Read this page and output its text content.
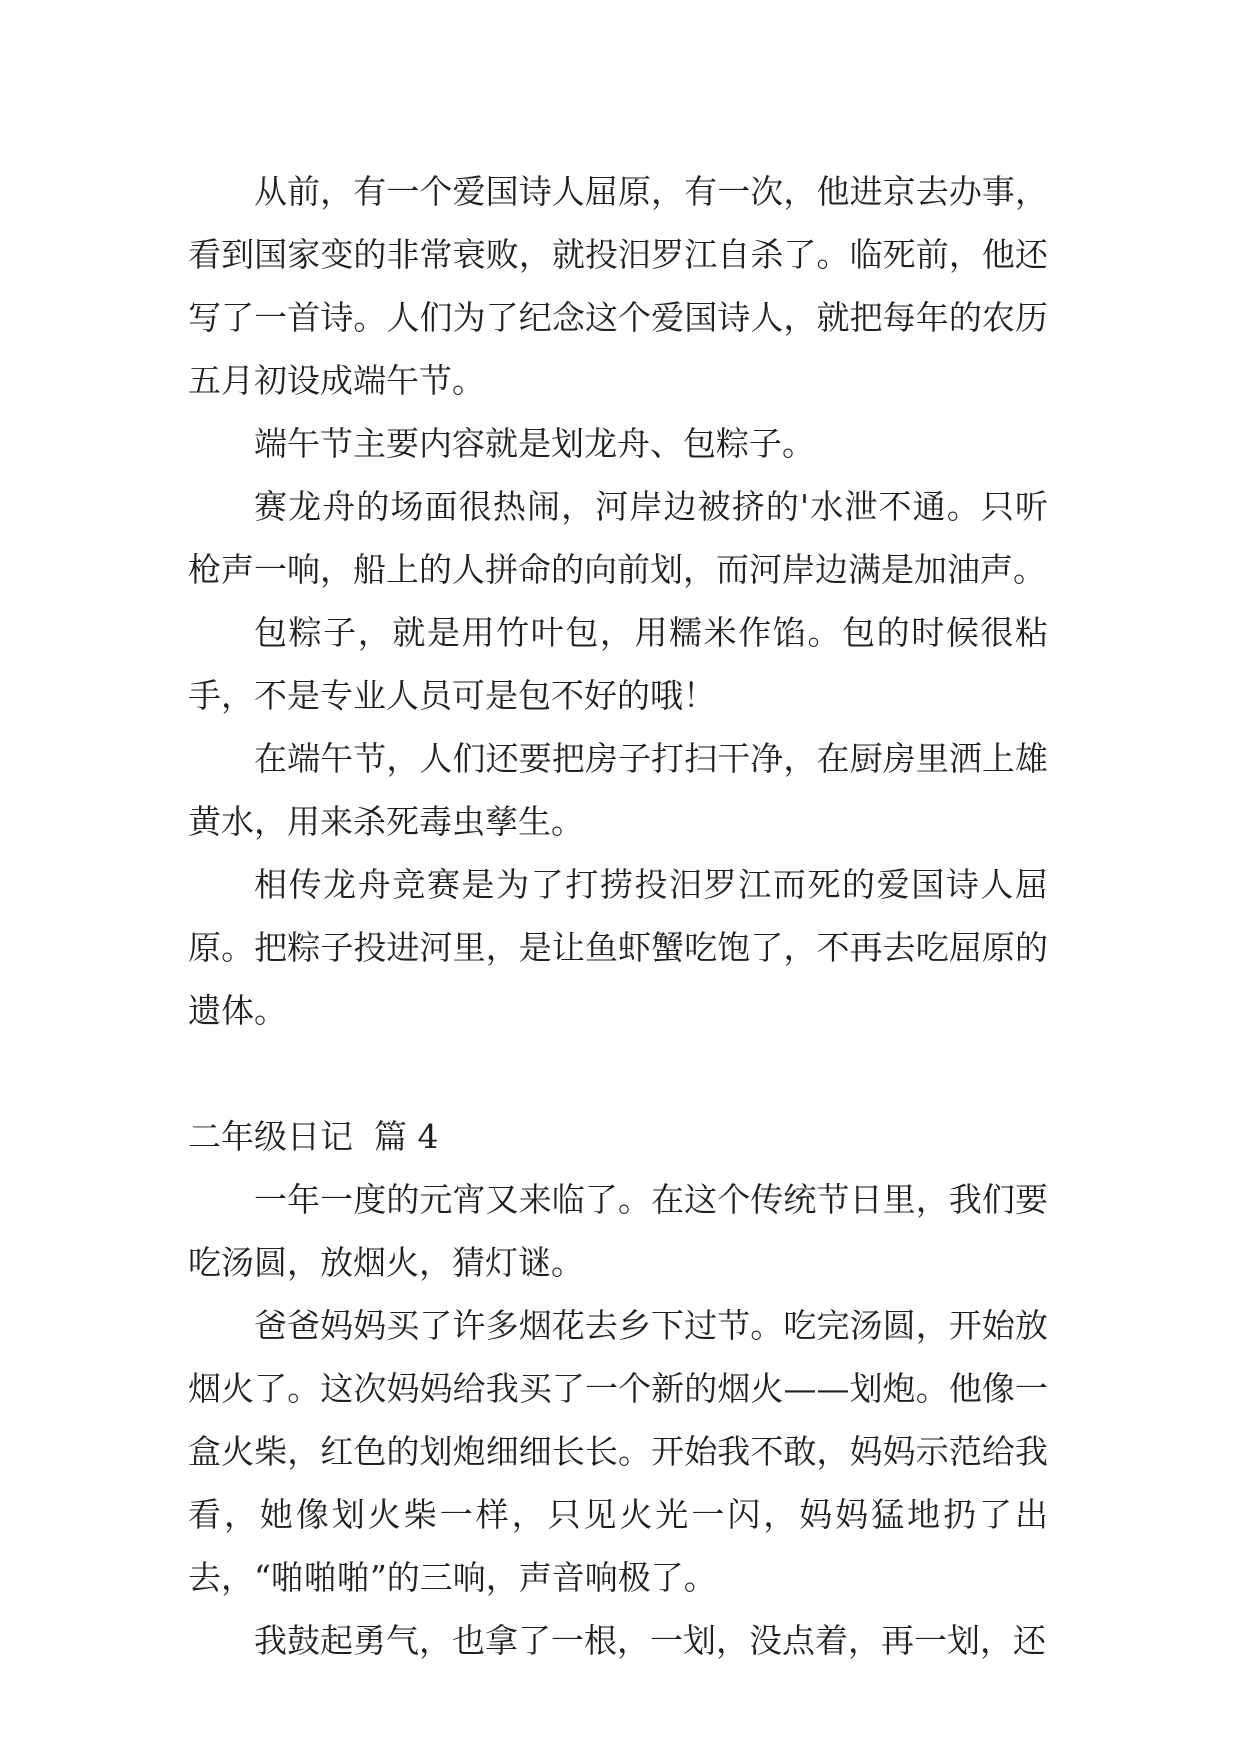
从前，有一个爱国诗人屈原，有一次，他进京去办事，看到国家变的非常衰败，就投汨罗江自杀了。临死前，他还写了一首诗。人们为了纪念这个爱国诗人，就把每年的农历五月初设成端午节。

端午节主要内容就是划龙舟、包粽子。

赛龙舟的场面很热闹，河岸边被挤的'水泄不通。只听枪声一响，船上的人拼命的向前划，而河岸边满是加油声。

包粽子，就是用竹叶包，用糯米作馅。包的时候很粘手，不是专业人员可是包不好的哦！

在端午节，人们还要把房子打扫干净，在厨房里洒上雄黄水，用来杀死毒虫孳生。

相传龙舟竞赛是为了打捞投汨罗江而死的爱国诗人屈原。把粽子投进河里，是让鱼虾蟹吃饱了，不再去吃屈原的遗体。

二年级日记  篇 4

一年一度的元宵又来临了。在这个传统节日里，我们要吃汤圆，放烟火，猜灯谜。

爸爸妈妈买了许多烟花去乡下过节。吃完汤圆，开始放烟火了。这次妈妈给我买了一个新的烟火——划炮。他像一盒火柴，红色的划炮细细长长。开始我不敢，妈妈示范给我看，她像划火柴一样，只见火光一闪，妈妈猛地扔了出去，“啪啪啪”的三响，声音响极了。

我鼓起勇气，也拿了一根，一划，没点着，再一划，还
